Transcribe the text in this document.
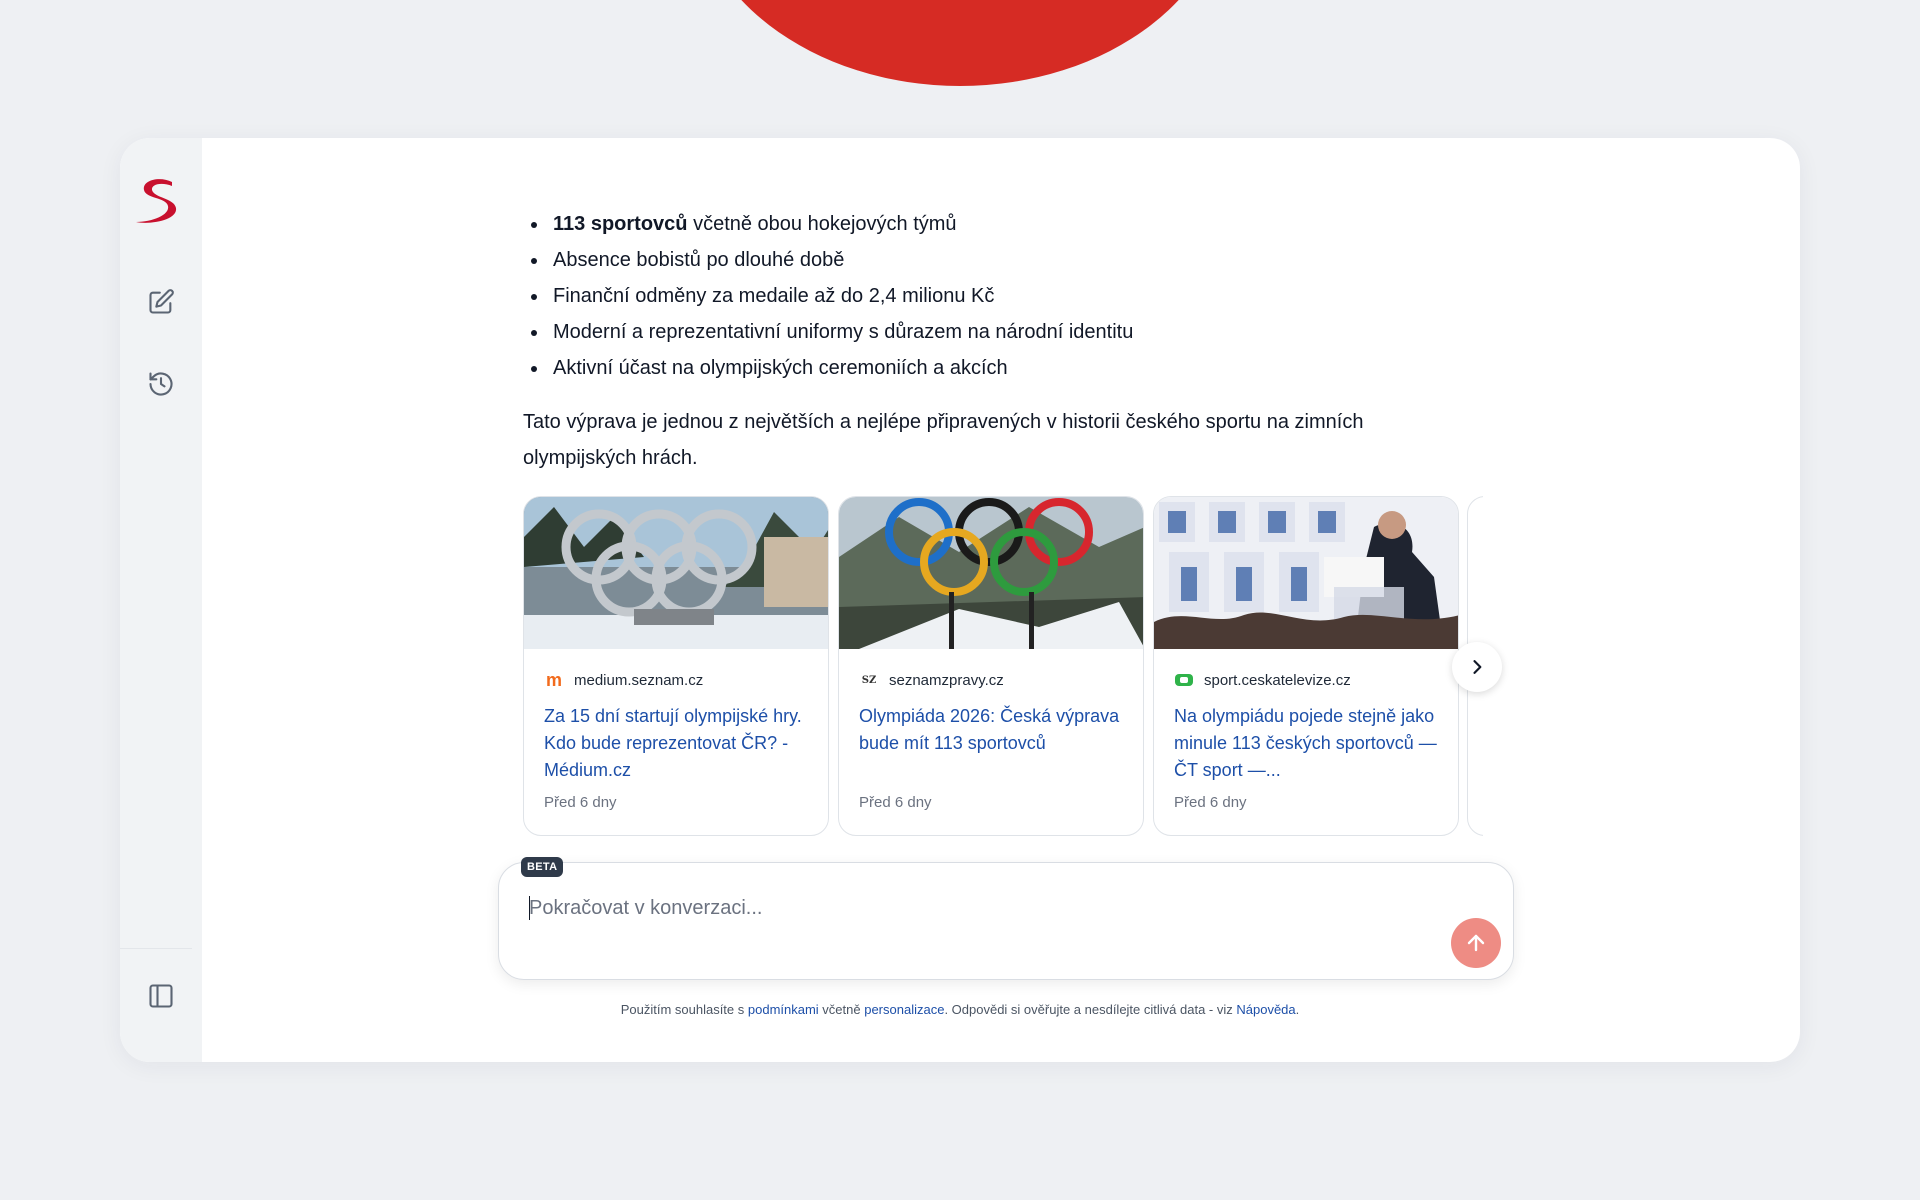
113 sportovců včetně obou hokejových týmů
Absence bobistů po dlouhé době
Finanční odměny za medaile až do 2,4 milionu Kč
Moderní a reprezentativní uniformy s důrazem na národní identitu
Aktivní účast na olympijských ceremoniích a akcích

Tato výprava je jednou z největších a nejlépe připravených v historii českého sportu na zimních olympijských hrách.

m medium.seznam.cz
Za 15 dní startují olympijské hry. Kdo bude reprezentovat ČR? - Médium.cz
Před 6 dny
SZ seznamzpravy.cz
Olympiáda 2026: Česká výprava bude mít 113 sportovců
Před 6 dny
sport.ceskatelevize.cz
Na olympiádu pojede stejně jako minule 113 českých sportovců — ČT sport —...
Před 6 dny
BETA
Pokračovat v konverzaci...
Použitím souhlasíte s podmínkami včetně personalizace. Odpovědi si ověřujte a nesdílejte citlivá data - viz Nápověda.
